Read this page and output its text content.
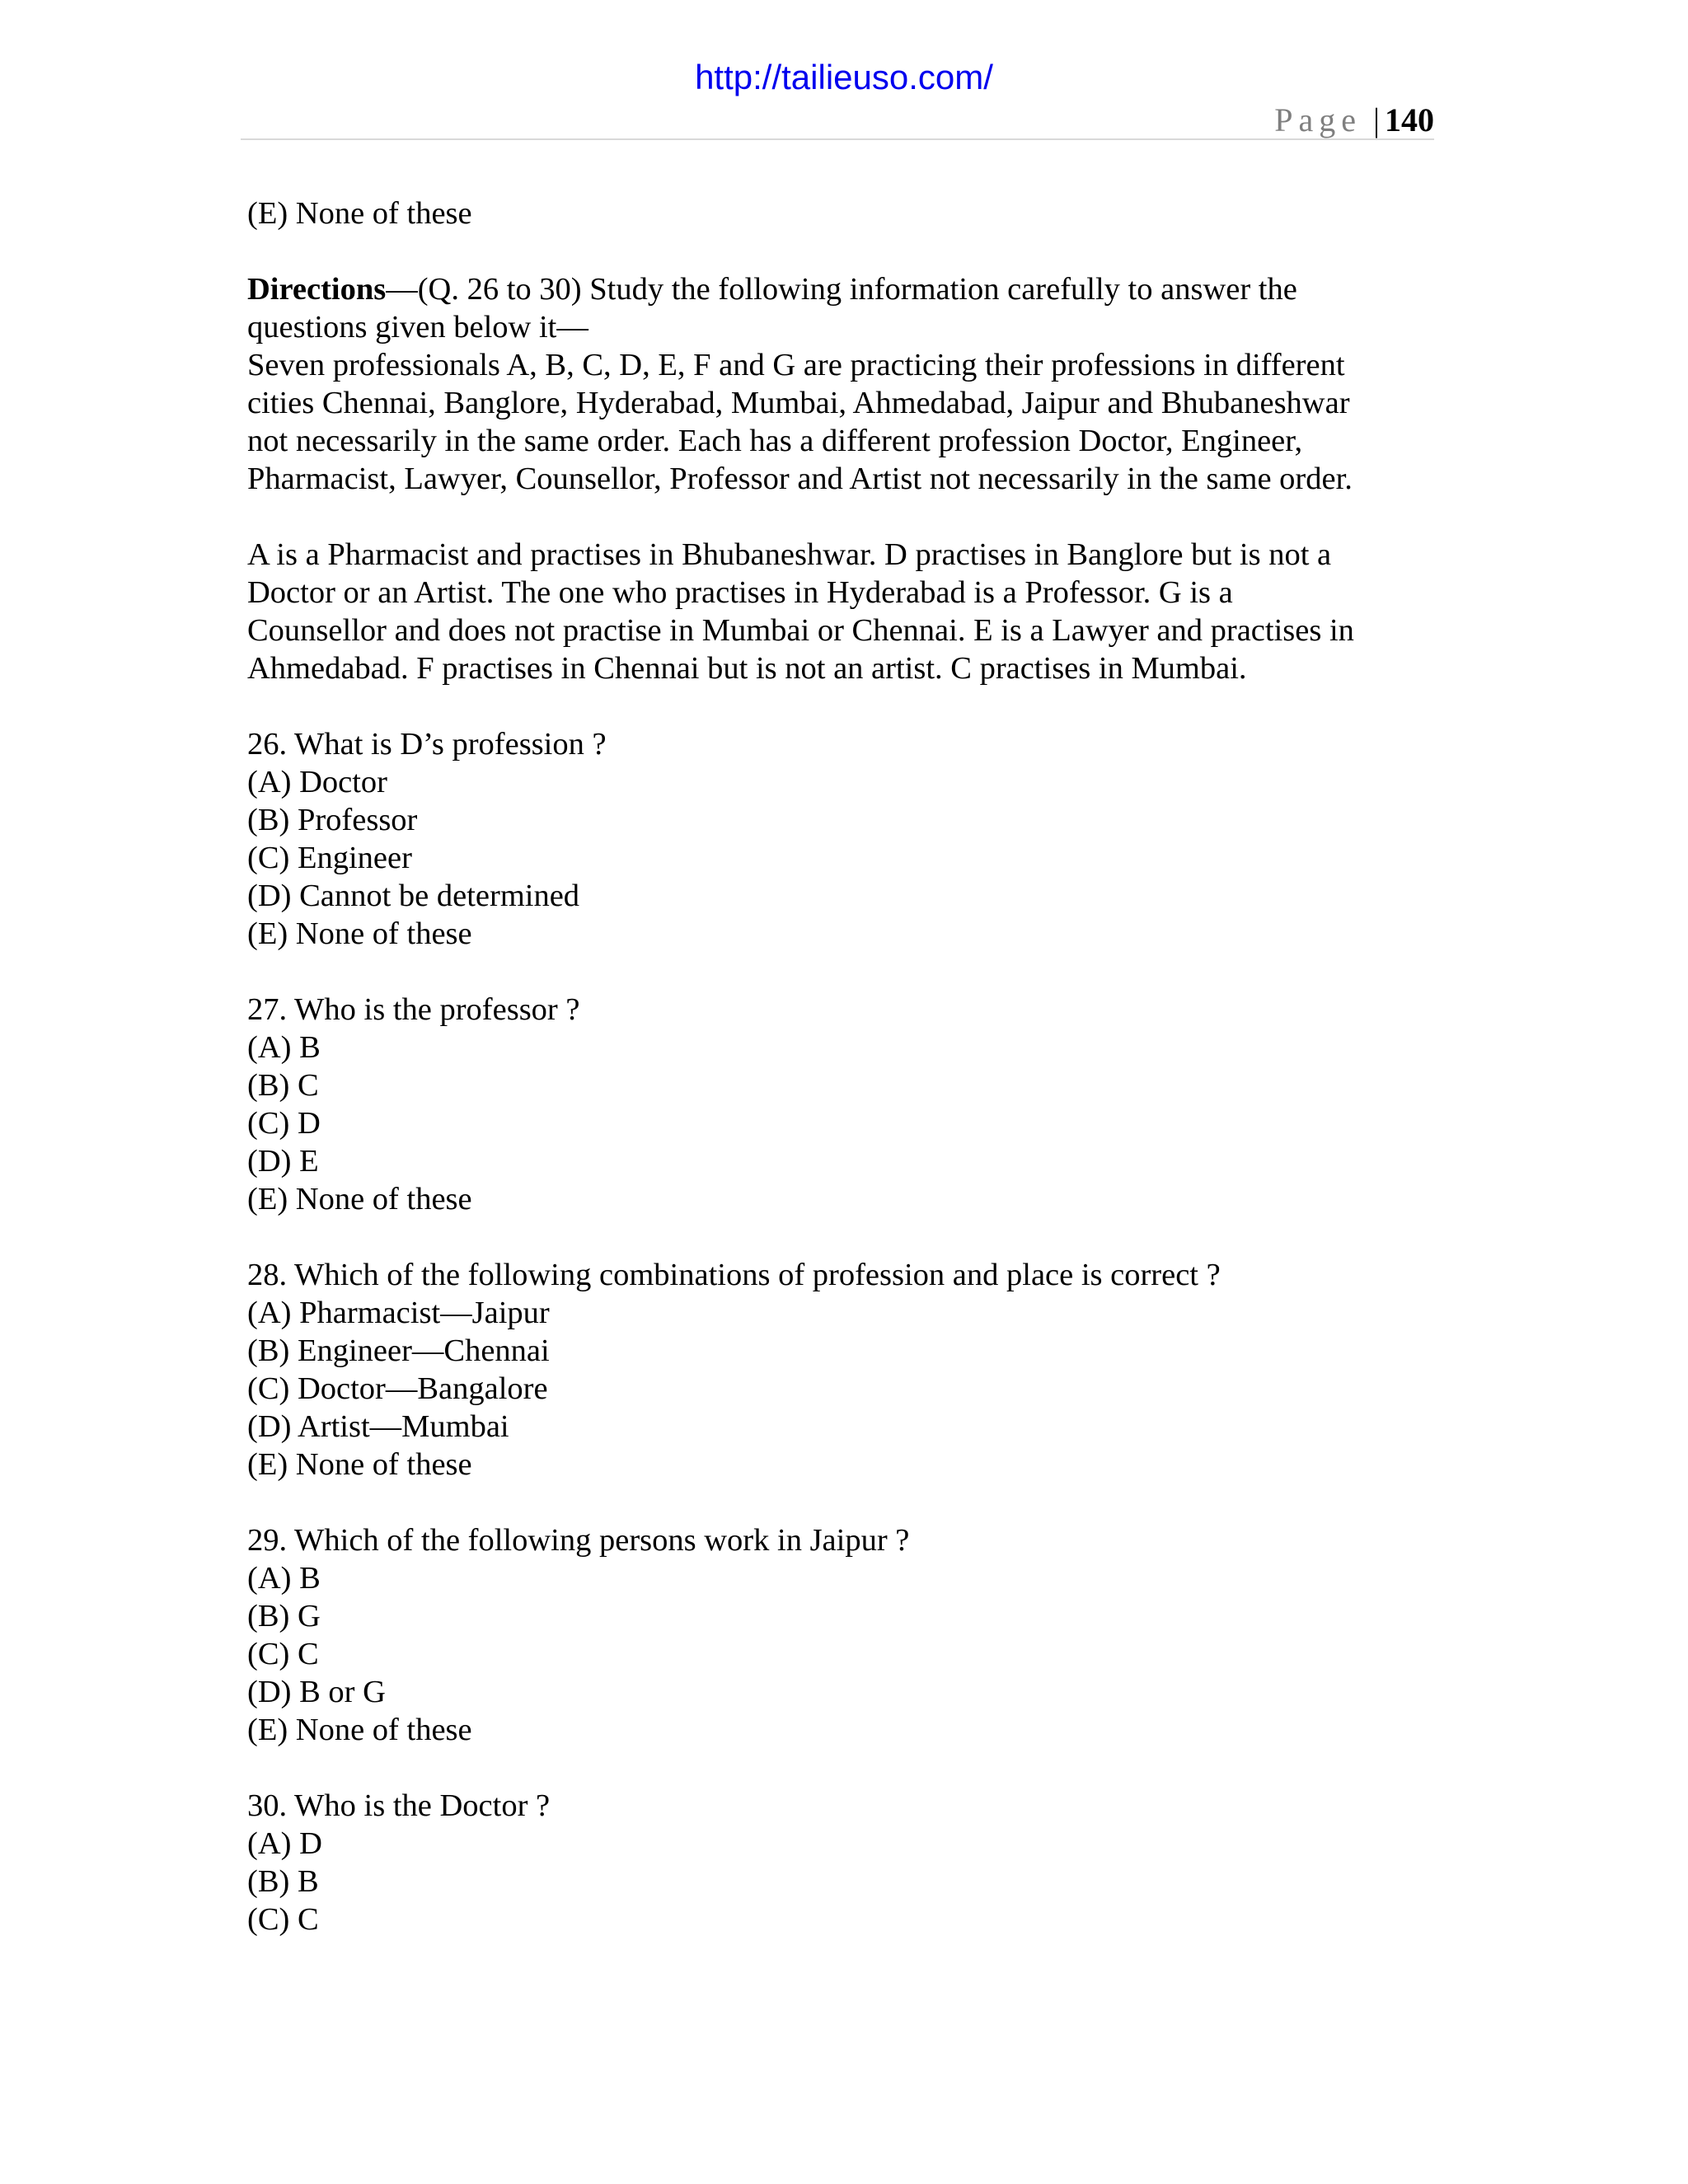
http://tailieuso.com/
Page | 140

(E) None of these

Directions—(Q. 26 to 30) Study the following information carefully to answer the

questions given below it—

Seven professionals A, B, C, D, E, F and G are practicing their professions in different

cities Chennai, Banglore, Hyderabad, Mumbai, Ahmedabad, Jaipur and Bhubaneshwar

not necessarily in the same order. Each has a different profession Doctor, Engineer,

Pharmacist, Lawyer, Counsellor, Professor and Artist not necessarily in the same order.

A is a Pharmacist and practises in Bhubaneshwar. D practises in Banglore but is not a

Doctor or an Artist. The one who practises in Hyderabad is a Professor. G is a

Counsellor and does not practise in Mumbai or Chennai. E is a Lawyer and practises in

Ahmedabad. F practises in Chennai but is not an artist. C practises in Mumbai.

26. What is D’s profession ?

(A) Doctor

(B) Professor

(C) Engineer

(D) Cannot be determined

(E) None of these

27. Who is the professor ?

(A) B

(B) C

(C) D

(D) E

(E) None of these

28. Which of the following combinations of profession and place is correct ?

(A) Pharmacist—Jaipur

(B) Engineer—Chennai

(C) Doctor—Bangalore

(D) Artist—Mumbai

(E) None of these

29. Which of the following persons work in Jaipur ?

(A) B

(B) G

(C) C

(D) B or G

(E) None of these

30. Who is the Doctor ?

(A) D

(B) B

(C) C
